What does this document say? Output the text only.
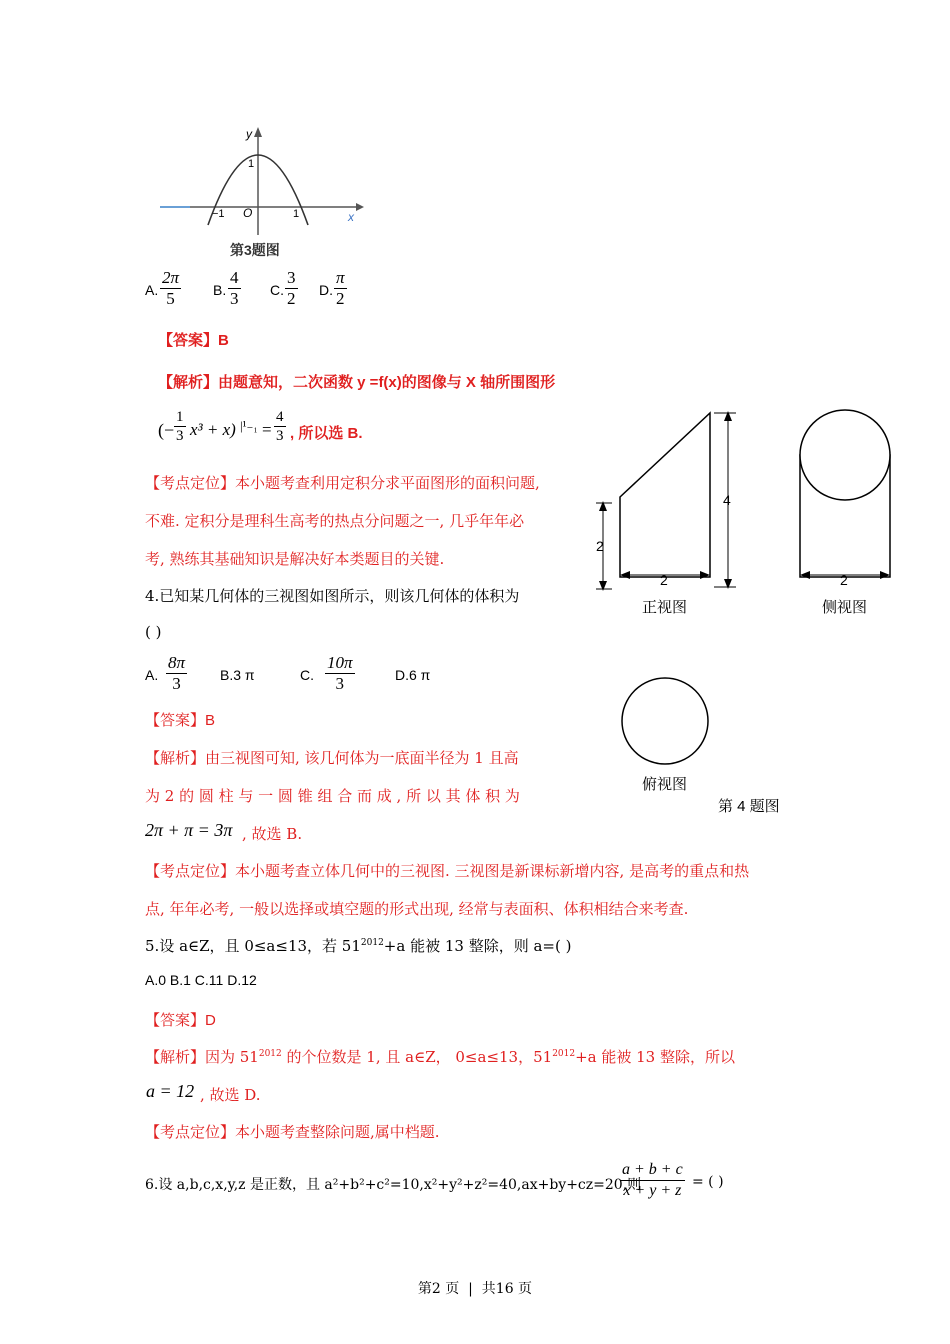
y
x
1
−1 O	1
第3题图
A. $\frac{2\pi}{5} B$. $\frac{4}{3} C$. $\frac{3}{2} D$. $\frac{\pi}{2}$
【答案】B
【解析】由题意知，二次函数 y =f(x)的图像与 X 轴所围图形
(− $\frac{1}{3} x^3 + x$) $|^1_{-1} = \frac{4}{3}$ , 所以选 B.
【考点定位】本小题考查利用定积分求平面图形的面积问题,
不难. 定积分是理科生高考的热点分问题之一, 几乎年年必
考, 熟练其基础知识是解决好本类题目的关键.
4.已知某几何体的三视图如图所示，则该几何体的体积为
( )
A. $\frac{8\pi}{3} B.3$ π	C. $\frac{10\pi}{3}$	D.6 π
【答案】B
【解析】由三视图可知, 该几何体为一底面半径为 1 且高
为 2 的 圆 柱 与 一 圆 锥 组 合 而 成 , 所 以 其 体 积 为
2π + π = 3π , 故选 B.
【考点定位】本小题考查立体几何中的三视图. 三视图是新课标新增内容, 是高考的重点和热
点, 年年必考, 一般以选择或填空题的形式出现, 经常与表面积、体积相结合来考查.
4
2
2
正视图
2
侧视图
俯视图
第 4 题图
5.设 a∈Z，且 0≤a≤13，若 $51^{2012}+a$ 能被 13 整除，则 a=( )
A.0 B.1 C.11 D.12
【答案】D
【解析】因为 $51^{2012}$ 的个位数是 1, 且 a∈Z， 0≤a≤13，$51^{2012}+a$ 能被 13 整除，所以
a = 12 , 故选 D.
【考点定位】本小题考查整除问题,属中档题.
6.设 a,b,c,x,y,z 是正数，且 a²+b²+c²=10,x²+y²+z²=40,ax+by+cz=20,则
$\frac{a + b + c}{x + y + z}$ = ( )
第2 页  |  共16 页
